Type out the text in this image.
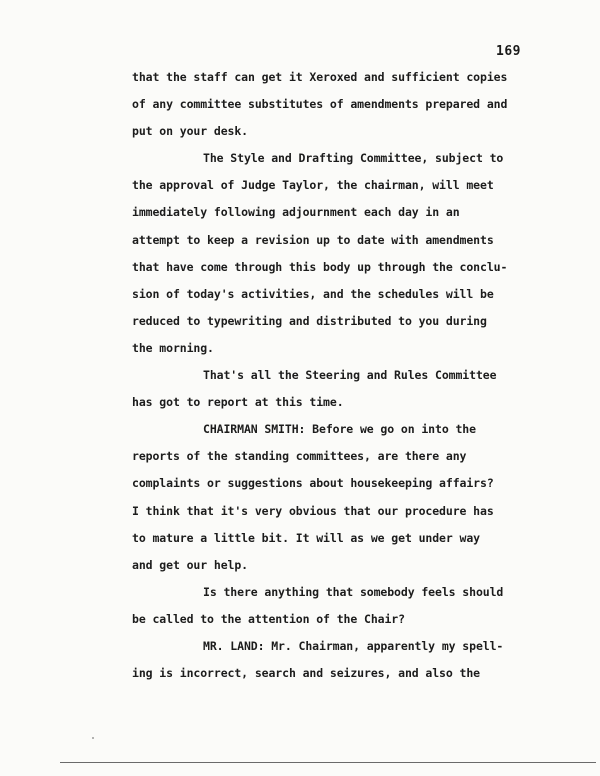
169
that the staff can get it Xeroxed and sufficient copies
of any committee substitutes of amendments prepared and
put on your desk.
The Style and Drafting Committee, subject to
the approval of Judge Taylor, the chairman, will meet
immediately following adjournment each day in an
attempt to keep a revision up to date with amendments
that have come through this body up through the conclu-
sion of today's activities, and the schedules will be
reduced to typewriting and distributed to you during
the morning.
That's all the Steering and Rules Committee
has got to report at this time.
CHAIRMAN SMITH: Before we go on into the
reports of the standing committees, are there any
complaints or suggestions about housekeeping affairs?
I think that it's very obvious that our procedure has
to mature a little bit. It will as we get under way
and get our help.
Is there anything that somebody feels should
be called to the attention of the Chair?
MR. LAND: Mr. Chairman, apparently my spell-
ing is incorrect, search and seizures, and also the
